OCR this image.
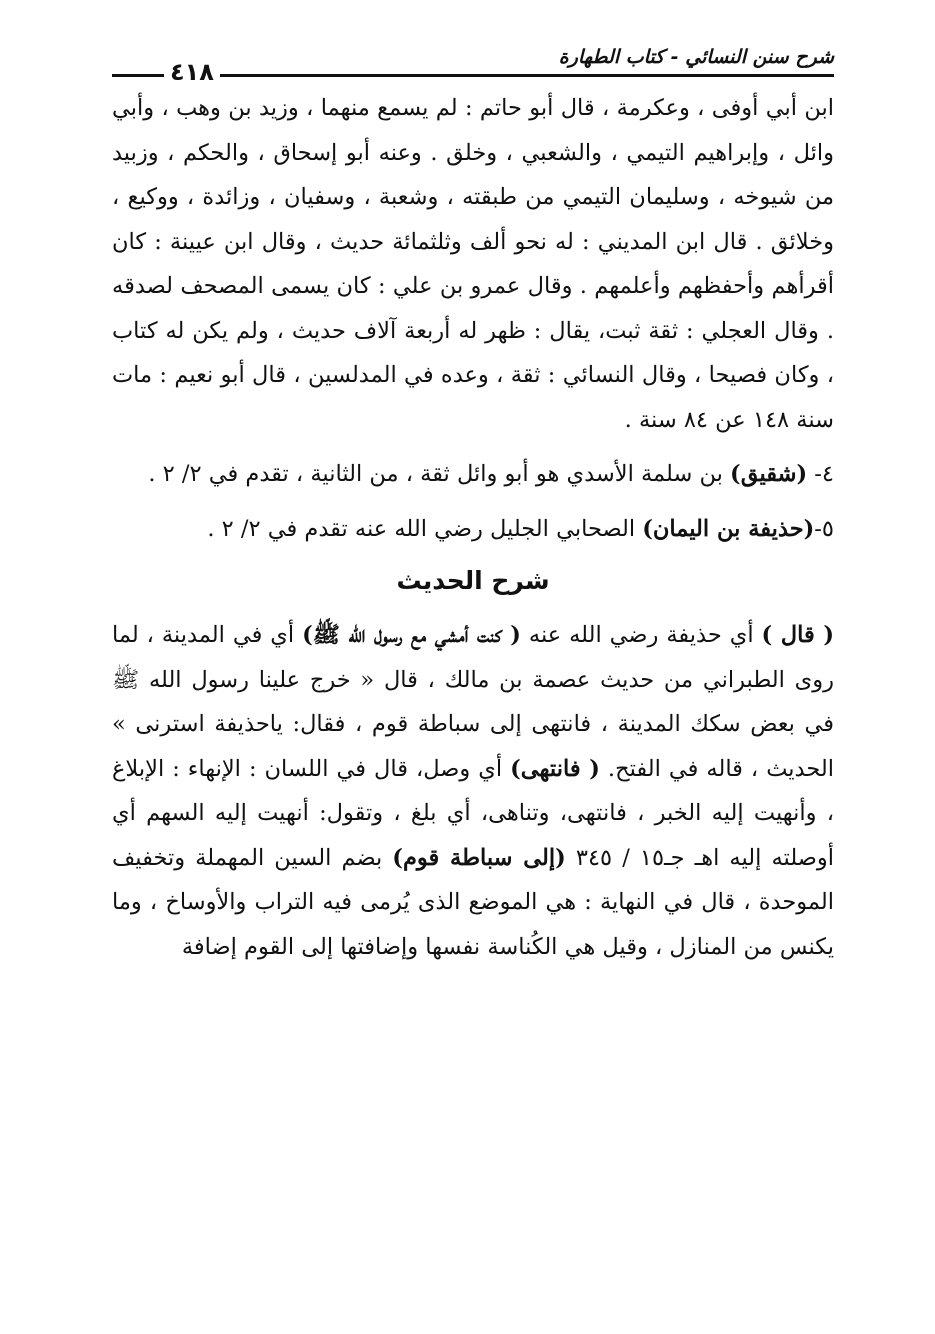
شرح سنن النسائي - كتاب الطهارة
٤١٨

ابن أبي أوفى ، وعكرمة ، قال أبو حاتم : لم يسمع منهما ، وزيد بن وهب ، وأبي وائل ، وإبراهيم التيمي ، والشعبي ، وخلق . وعنه أبو إسحاق ، والحكم ، وزبيد من شيوخه ، وسليمان التيمي من طبقته ، وشعبة ، وسفيان ، وزائدة ، ووكيع ، وخلائق . قال ابن المديني : له نحو ألف وثلثمائة حديث ، وقال ابن عيينة : كان أقرأهم وأحفظهم وأعلمهم . وقال عمرو بن علي : كان يسمى المصحف لصدقه . وقال العجلي : ثقة ثبت، يقال : ظهر له أربعة آلاف حديث ، ولم يكن له كتاب ، وكان فصيحا ، وقال النسائي : ثقة ، وعده في المدلسين ، قال أبو نعيم : مات سنة ١٤٨ عن ٨٤ سنة .

٤- (شقيق) بن سلمة الأسدي هو أبو وائل ثقة ، من الثانية ، تقدم في ٢/ ٢ .

٥-(حذيفة بن اليمان) الصحابي الجليل رضي الله عنه تقدم في ٢/ ٢ .

شرح الحديث

( قال ) أي حذيفة رضي الله عنه ( كنت أمشي مع رسول الله ﷺ) أي في المدينة ، لما روى الطبراني من حديث عصمة بن مالك ، قال « خرج علينا رسول الله ﷺ في بعض سكك المدينة ، فانتهى إلى سباطة قوم ، فقال: ياحذيفة استرنى » الحديث ، قاله في الفتح. ( فانتهى) أي وصل، قال في اللسان : الإنهاء : الإبلاغ ، وأنهيت إليه الخبر ، فانتهى، وتناهى، أي بلغ ، وتقول: أنهيت إليه السهم أي أوصلته إليه اهـ جـ١٥ / ٣٤٥ (إلى سباطة قوم) بضم السين المهملة وتخفيف الموحدة ، قال في النهاية : هي الموضع الذى يُرمى فيه التراب والأوساخ ، وما يكنس من المنازل ، وقيل هي الكُناسة نفسها وإضافتها إلى القوم إضافة
